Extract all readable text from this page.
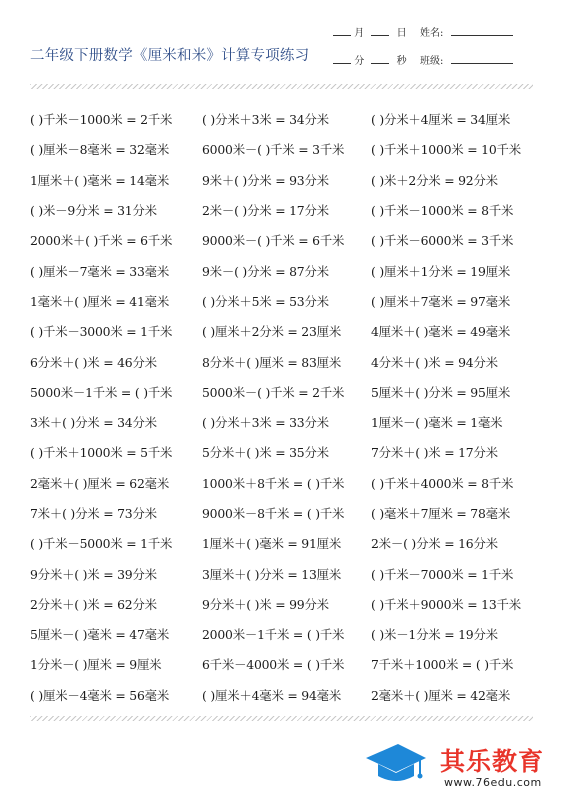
二年级下册数学《厘米和米》计算专项练习
月	日
分	秒
姓名:
班级:
( )千米－1000米 = 2千米	( )分米＋3米 = 34分米	( )分米＋4厘米 = 34厘米
( )厘米－8毫米 = 32毫米	6000米－( )千米 = 3千米	( )千米＋1000米 = 10千米
1厘米＋( )毫米 = 14毫米	9米＋( )分米 = 93分米	( )米＋2分米 = 92分米
( )米－9分米 = 31分米	2米－( )分米 = 17分米	( )千米－1000米 = 8千米
2000米＋( )千米 = 6千米	9000米－( )千米 = 6千米	( )千米－6000米 = 3千米
( )厘米－7毫米 = 33毫米	9米－( )分米 = 87分米	( )厘米＋1分米 = 19厘米
1毫米＋( )厘米 = 41毫米	( )分米＋5米 = 53分米	( )厘米＋7毫米 = 97毫米
( )千米－3000米 = 1千米	( )厘米＋2分米 = 23厘米	4厘米＋( )毫米 = 49毫米
6分米＋( )米 = 46分米	8分米＋( )厘米 = 83厘米	4分米＋( )米 = 94分米
5000米－1千米 = ( )千米	5000米－( )千米 = 2千米	5厘米＋( )分米 = 95厘米
3米＋( )分米 = 34分米	( )分米＋3米 = 33分米	1厘米－( )毫米 = 1毫米
( )千米＋1000米 = 5千米	5分米＋( )米 = 35分米	7分米＋( )米 = 17分米
2毫米＋( )厘米 = 62毫米	1000米＋8千米 = ( )千米	( )千米＋4000米 = 8千米
7米＋( )分米 = 73分米	9000米－8千米 = ( )千米	( )毫米＋7厘米 = 78毫米
( )千米－5000米 = 1千米	1厘米＋( )毫米 = 91厘米	2米－( )分米 = 16分米
9分米＋( )米 = 39分米	3厘米＋( )分米 = 13厘米	( )千米－7000米 = 1千米
2分米＋( )米 = 62分米	9分米＋( )米 = 99分米	( )千米＋9000米 = 13千米
5厘米－( )毫米 = 47毫米	2000米－1千米 = ( )千米	( )米－1分米 = 19分米
1分米－( )厘米 = 9厘米	6千米－4000米 = ( )千米	7千米＋1000米 = ( )千米
( )厘米－4毫米 = 56毫米	( )厘米＋4毫米 = 94毫米	2毫米＋( )厘米 = 42毫米
其乐教育
www.76edu.com
